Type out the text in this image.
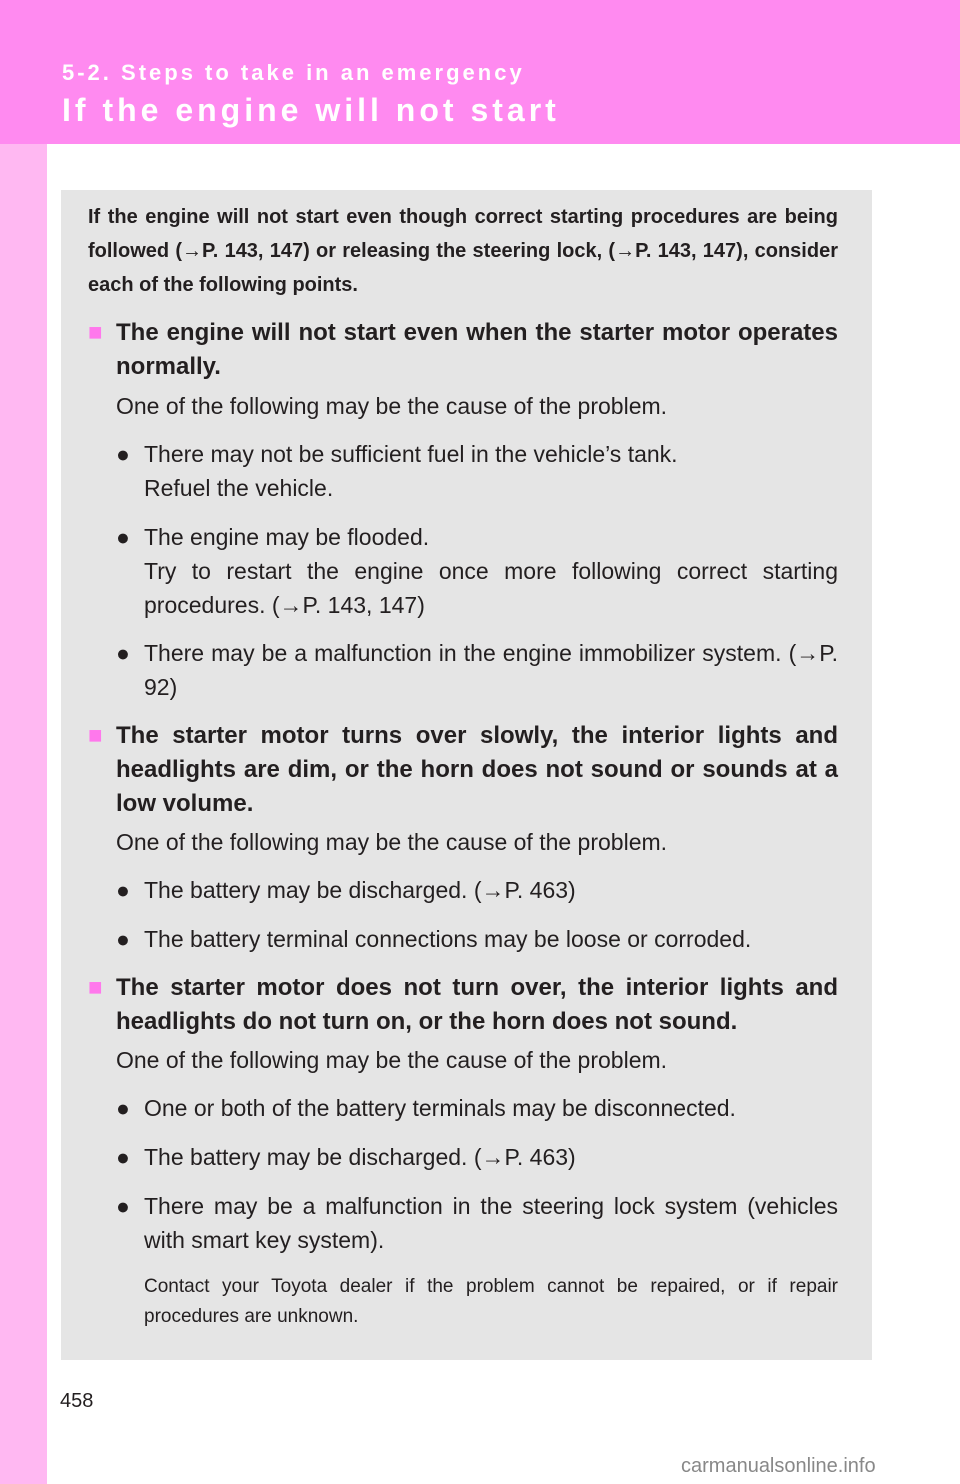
5-2. Steps to take in an emergency
If the engine will not start
If the engine will not start even though correct starting procedures are being followed (→P. 143, 147) or releasing the steering lock, (→P. 143, 147), consider each of the following points.
■ The engine will not start even when the starter motor operates normally.
One of the following may be the cause of the problem.
● There may not be sufficient fuel in the vehicle’s tank.
Refuel the vehicle.
● The engine may be flooded.
Try to restart the engine once more following correct starting procedures. (→P. 143, 147)
● There may be a malfunction in the engine immobilizer system. (→P. 92)
■ The starter motor turns over slowly, the interior lights and headlights are dim, or the horn does not sound or sounds at a low volume.
One of the following may be the cause of the problem.
● The battery may be discharged. (→P. 463)
● The battery terminal connections may be loose or corroded.
■ The starter motor does not turn over, the interior lights and headlights do not turn on, or the horn does not sound.
One of the following may be the cause of the problem.
● One or both of the battery terminals may be disconnected.
● The battery may be discharged. (→P. 463)
● There may be a malfunction in the steering lock system (vehicles with smart key system).
Contact your Toyota dealer if the problem cannot be repaired, or if repair procedures are unknown.
458
carmanualsonline.info
